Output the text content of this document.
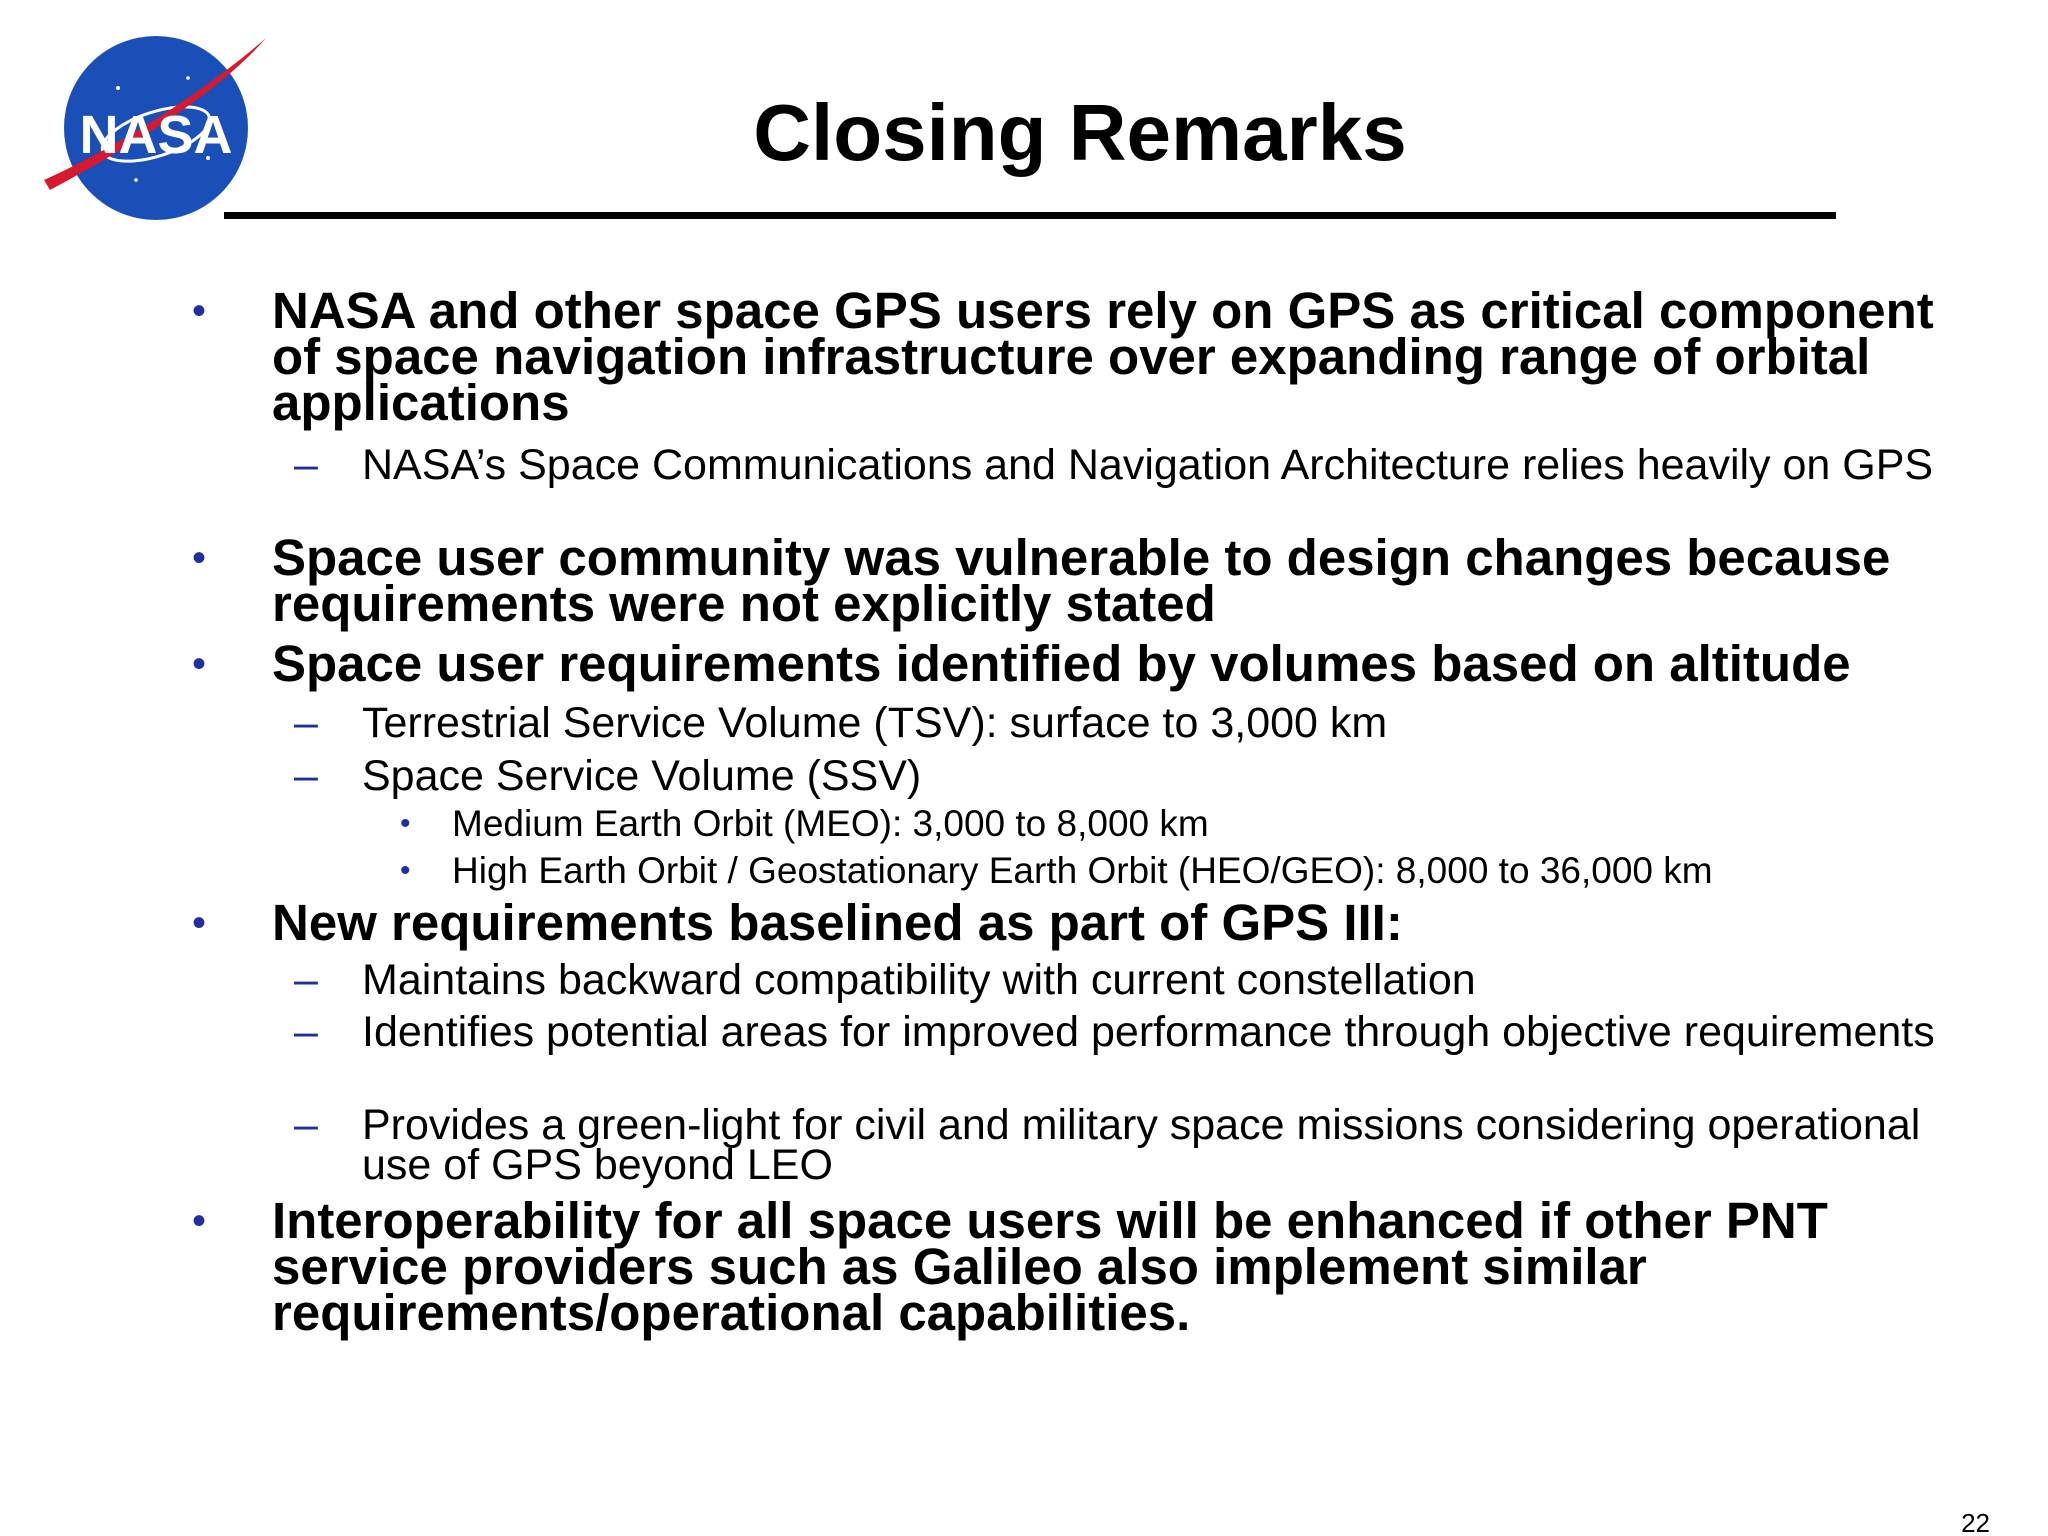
NASA	Closing Remarks
• NASA and other space GPS users rely on GPS as critical component of space navigation infrastructure over expanding range of orbital applications
– NASA’s Space Communications and Navigation Architecture relies heavily on GPS
• Space user community was vulnerable to design changes because requirements were not explicitly stated
• Space user requirements identified by volumes based on altitude
– Terrestrial Service Volume (TSV): surface to 3,000 km
– Space Service Volume (SSV)
• Medium Earth Orbit (MEO): 3,000 to 8,000 km
• High Earth Orbit / Geostationary Earth Orbit (HEO/GEO): 8,000 to 36,000 km
• New requirements baselined as part of GPS III:
– Maintains backward compatibility with current constellation
– Identifies potential areas for improved performance through objective requirements
– Provides a green-light for civil and military space missions considering operational use of GPS beyond LEO
• Interoperability for all space users will be enhanced if other PNT service providers such as Galileo also implement similar requirements/operational capabilities.
22
